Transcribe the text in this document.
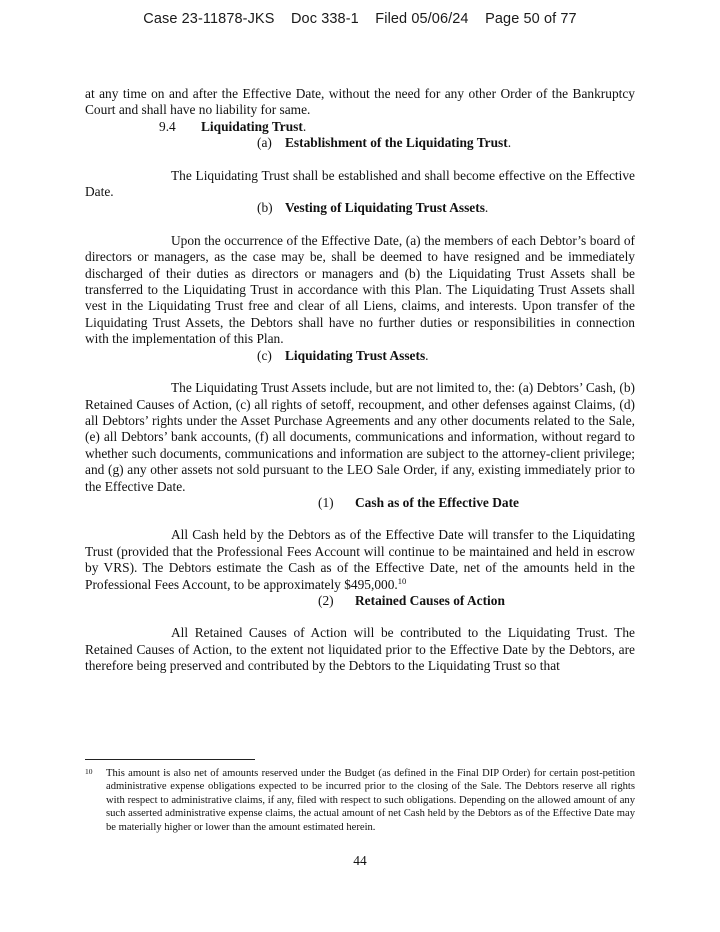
Case 23-11878-JKS    Doc 338-1    Filed 05/06/24    Page 50 of 77

at any time on and after the Effective Date, without the need for any other Order of the Bankruptcy Court and shall have no liability for same.

9.4 Liquidating Trust.
(a) Establishment of the Liquidating Trust.

The Liquidating Trust shall be established and shall become effective on the Effective Date.

(b) Vesting of Liquidating Trust Assets.

Upon the occurrence of the Effective Date, (a) the members of each Debtor’s board of directors or managers, as the case may be, shall be deemed to have resigned and be immediately discharged of their duties as directors or managers and (b) the Liquidating Trust Assets shall be transferred to the Liquidating Trust in accordance with this Plan. The Liquidating Trust Assets shall vest in the Liquidating Trust free and clear of all Liens, claims, and interests. Upon transfer of the Liquidating Trust Assets, the Debtors shall have no further duties or responsibilities in connection with the implementation of this Plan.

(c) Liquidating Trust Assets.

The Liquidating Trust Assets include, but are not limited to, the: (a) Debtors’ Cash, (b) Retained Causes of Action, (c) all rights of setoff, recoupment, and other defenses against Claims, (d) all Debtors’ rights under the Asset Purchase Agreements and any other documents related to the Sale, (e) all Debtors’ bank accounts, (f) all documents, communications and information, without regard to whether such documents, communications and information are subject to the attorney-client privilege; and (g) any other assets not sold pursuant to the LEO Sale Order, if any, existing immediately prior to the Effective Date.

(1) Cash as of the Effective Date

All Cash held by the Debtors as of the Effective Date will transfer to the Liquidating Trust (provided that the Professional Fees Account will continue to be maintained and held in escrow by VRS). The Debtors estimate the Cash as of the Effective Date, net of the amounts held in the Professional Fees Account, to be approximately $495,000.10

(2) Retained Causes of Action

All Retained Causes of Action will be contributed to the Liquidating Trust. The Retained Causes of Action, to the extent not liquidated prior to the Effective Date by the Debtors, are therefore being preserved and contributed by the Debtors to the Liquidating Trust so that

10 This amount is also net of amounts reserved under the Budget (as defined in the Final DIP Order) for certain post-petition administrative expense obligations expected to be incurred prior to the closing of the Sale. The Debtors reserve all rights with respect to administrative claims, if any, filed with respect to such obligations. Depending on the allowed amount of any such asserted administrative expense claims, the actual amount of net Cash held by the Debtors as of the Effective Date may be materially higher or lower than the amount estimated herein.
44
